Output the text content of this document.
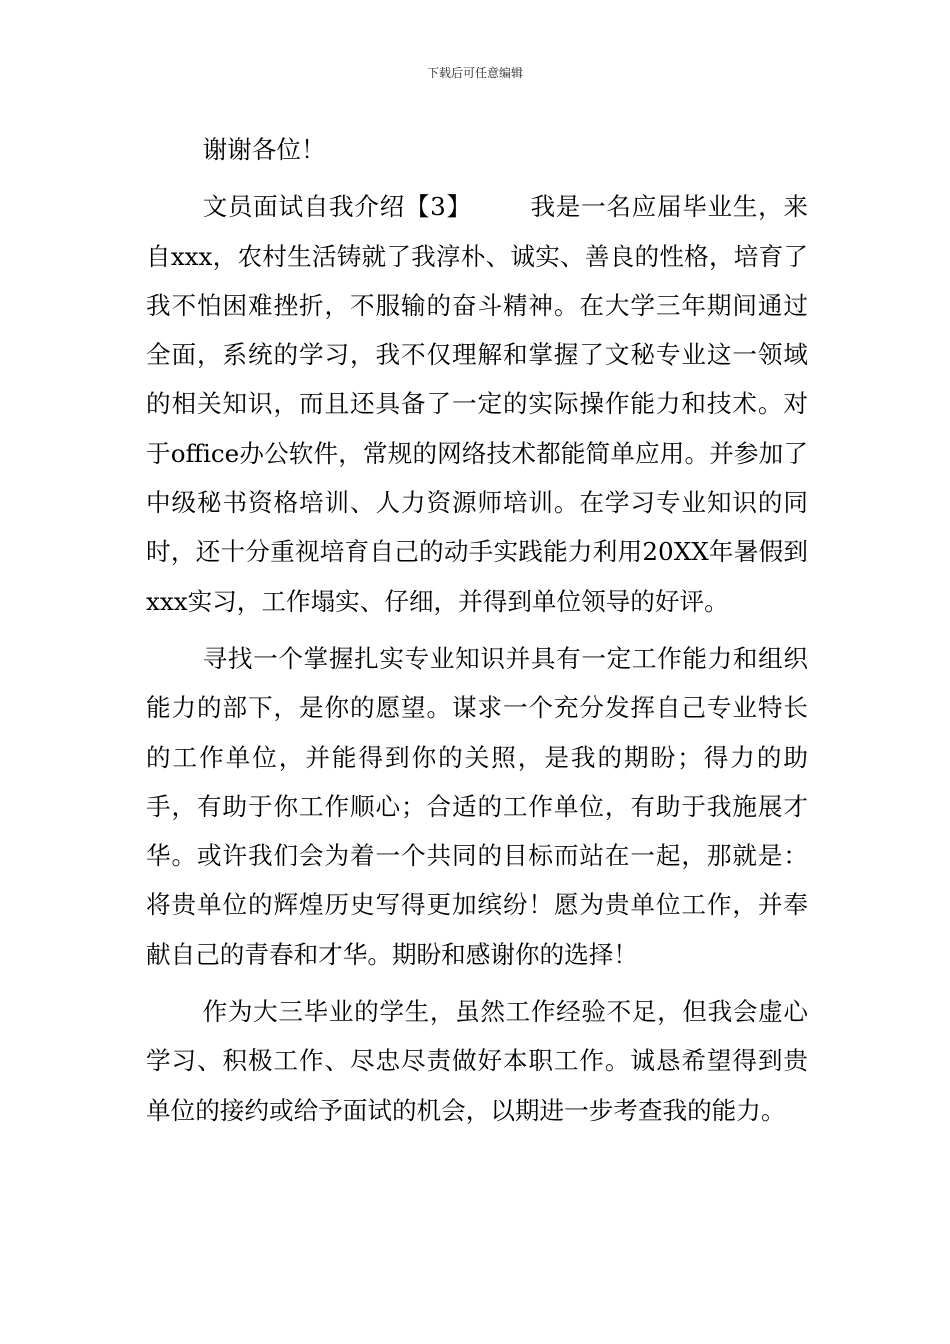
下载后可任意编辑

谢谢各位！

文员面试自我介绍【3】 我是一名应届毕业生，来自xxx，农村生活铸就了我淳朴、诚实、善良的性格，培育了我不怕困难挫折，不服输的奋斗精神。在大学三年期间通过全面，系统的学习，我不仅理解和掌握了文秘专业这一领域的相关知识，而且还具备了一定的实际操作能力和技术。对于office办公软件，常规的网络技术都能简单应用。并参加了中级秘书资格培训、人力资源师培训。在学习专业知识的同时，还十分重视培育自己的动手实践能力利用20XX年暑假到xxx实习，工作塌实、仔细，并得到单位领导的好评。

寻找一个掌握扎实专业知识并具有一定工作能力和组织能力的部下，是你的愿望。谋求一个充分发挥自己专业特长的工作单位，并能得到你的关照，是我的期盼；得力的助手，有助于你工作顺心；合适的工作单位，有助于我施展才华。或许我们会为着一个共同的目标而站在一起，那就是：将贵单位的辉煌历史写得更加缤纷！愿为贵单位工作，并奉献自己的青春和才华。期盼和感谢你的选择！

作为大三毕业的学生，虽然工作经验不足，但我会虚心学习、积极工作、尽忠尽责做好本职工作。诚恳希望得到贵单位的接约或给予面试的机会，以期进一步考查我的能力。
